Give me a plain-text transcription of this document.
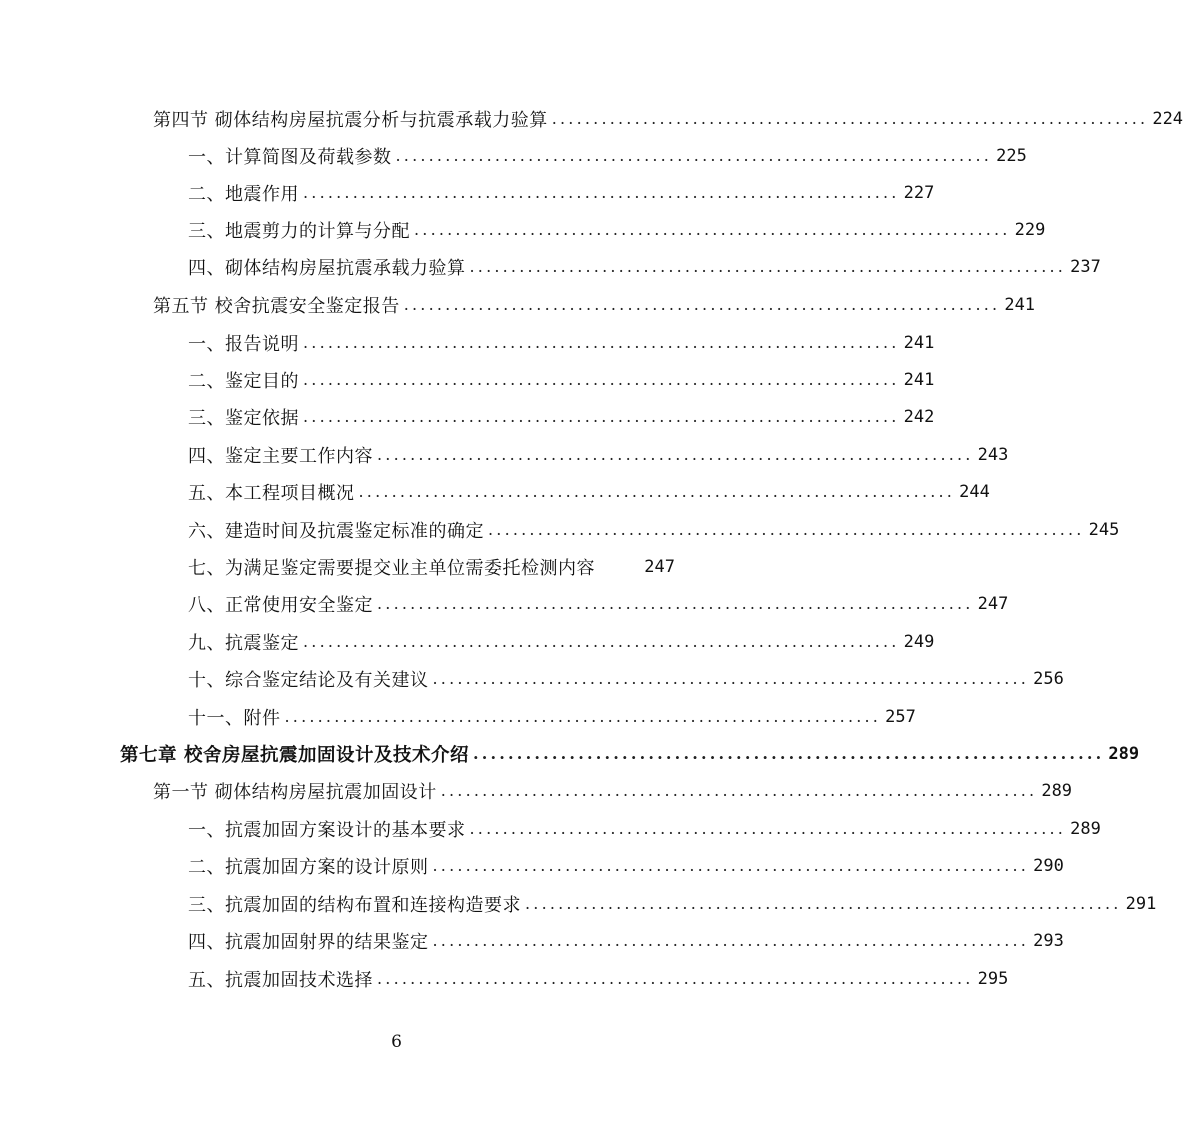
第四节 砌体结构房屋抗震分析与抗震承载力验算 ........................................................................ 224
一、计算简图及荷载参数 ........................................................................ 225
二、地震作用 ........................................................................ 227
三、地震剪力的计算与分配 ........................................................................ 229
四、砌体结构房屋抗震承载力验算 ........................................................................ 237
第五节 校舍抗震安全鉴定报告 ........................................................................ 241
一、报告说明 ........................................................................ 241
二、鉴定目的 ........................................................................ 241
三、鉴定依据 ........................................................................ 242
四、鉴定主要工作内容 ........................................................................ 243
五、本工程项目概况 ........................................................................ 244
六、建造时间及抗震鉴定标准的确定 ........................................................................ 245
七、为满足鉴定需要提交业主单位需委托检测内容	247
八、正常使用安全鉴定 ........................................................................ 247
九、抗震鉴定 ........................................................................ 249
十、综合鉴定结论及有关建议 ........................................................................ 256
十一、附件 ........................................................................ 257
第七章 校舍房屋抗震加固设计及技术介绍 ........................................................................ 289
第一节 砌体结构房屋抗震加固设计 ........................................................................ 289
一、抗震加固方案设计的基本要求 ........................................................................ 289
二、抗震加固方案的设计原则 ........................................................................ 290
三、抗震加固的结构布置和连接构造要求 ........................................................................ 291
四、抗震加固射界的结果鉴定 ........................................................................ 293
五、抗震加固技术选择 ........................................................................ 295
6
